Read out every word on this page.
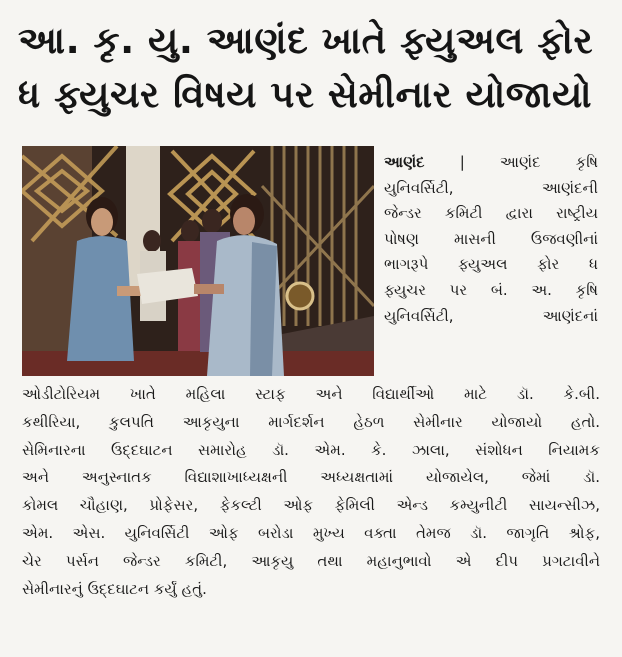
આ. કૃ. યુ. આણંદ ખાતે ફ્યુઅલ ફોર
ધ ફ્યુચર વિષય પર સેમીનાર યોજાયો
આણંદ | આણંદ કૃષિ
યુનિવર્સિટી, આણંદની
જેન્ડર કમિટી દ્વારા રાષ્ટ્રીય
પોષણ માસની ઉજવણીનાં
ભાગરૂપે ફ્યુઅલ ફોર ધ
ફ્યુચર પર બં. અ. કૃષિ
યુનિવર્સિટી, આણંદનાં
ઓડીટોરિયમ ખાતે મહિલા સ્ટાફ અને વિદ્યાર્થીઓ માટે ડૉ. કે.બી.
કથીરિયા, કુલપતિ આકૃયુના માર્ગદર્શન હેઠળ સેમીનાર યોજાયો હતો.
સેમિનારના ઉદ્દઘાટન સમારોહ ડૉ. એમ. કે. ઝાલા, સંશોધન નિયામક
અને અનુસ્નાતક વિદ્યાશાખાધ્યક્ષની અધ્યક્ષતામાં યોજાયેલ, જેમાં ડૉ.
કોમલ ચૌહાણ, પ્રોફેસર, ફેકલ્ટી ઓફ ફેમિલી એન્ડ કમ્યુનીટી સાયન્સીઝ,
એમ. એસ. યુનિવર્સિટી ઓફ બરોડા મુખ્ય વક્તા તેમજ ડૉ. જાગૃતિ શ્રોફ,
ચેર પર્સન જેન્ડર કમિટી, આકૃયુ તથા મહાનુભાવો એ દીપ પ્રગટાવીને
સેમીનારનું ઉદ્દઘાટન કર્યું હતું.
